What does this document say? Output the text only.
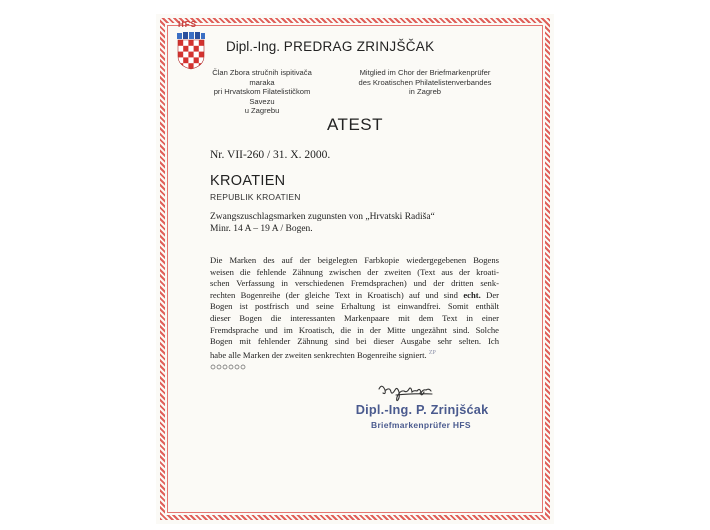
HFS
Dipl.-Ing. PREDRAG ZRINJŠČAK
Član Zbora stručnih ispitivača maraka
pri Hrvatskom Filatelističkom Savezu
u Zagrebu
Mitglied im Chor der Briefmarkenprüfer
des Kroatischen Philatelistenverbandes
in Zagreb
ATEST
Nr. VII-260 / 31. X. 2000.
KROATIEN
REPUBLIK KROATIEN
Zwangszuschlagsmarken zugunsten von „Hrvatski Radiša“
Minr. 14 A – 19 A / Bogen.
Die Marken des auf der beigelegten Farbkopie wiedergegebenen Bogens
weisen die fehlende Zähnung zwischen der zweiten (Text aus der kroati-
schen Verfassung in verschiedenen Fremdsprachen) und der dritten senk-
rechten Bogenreihe (der gleiche Text in Kroatisch) auf und sind echt. Der
Bogen ist postfrisch und seine Erhaltung ist einwandfrei. Somit enthält
dieser Bogen die interessanten Markenpaare mit dem Text in einer
Fremdsprache und im Kroatisch, die in der Mitte ungezähnt sind. Solche
Bogen mit fehlender Zähnung sind bei dieser Ausgabe sehr selten. Ich
habe alle Marken der zweiten senkrechten Bogenreihe signiert. ZP
Dipl.-Ing. P. Zrinjšćak
Briefmarkenprüfer HFS
